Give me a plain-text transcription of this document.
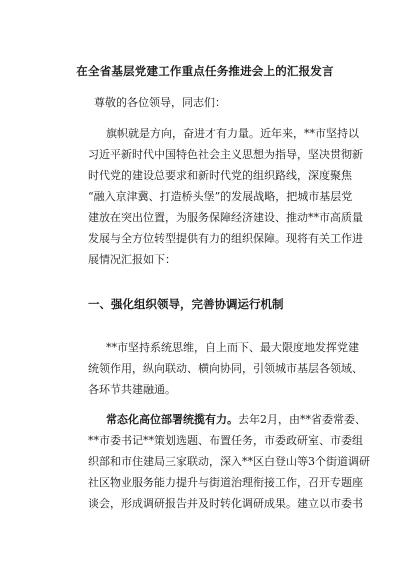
在全省基层党建工作重点任务推进会上的汇报发言

尊敬的各位领导，同志们：

旗帜就是方向，奋进才有力量。近年来，**市坚持以

习近平新时代中国特色社会主义思想为指导，坚决贯彻新

时代党的建设总要求和新时代党的组织路线，深度聚焦

“融入京津冀、打造桥头堡”的发展战略，把城市基层党

建放在突出位置，为服务保障经济建设、推动**市高质量

发展与全方位转型提供有力的组织保障。现将有关工作进

展情况汇报如下：

一、强化组织领导，完善协调运行机制

**市坚持系统思维，自上而下、最大限度地发挥党建

统领作用，纵向联动、横向协同，引领城市基层各领域、

各环节共建融通。

常态化高位部署统揽有力。去年2月，由**省委常委、

**市委书记**策划选题、布置任务，市委政研室、市委组

织部和市住建局三家联动，深入**区白登山等3个街道调研

社区物业服务能力提升与街道治理衔接工作，召开专题座

谈会，形成调研报告并及时转化调研成果。建立以市委书
